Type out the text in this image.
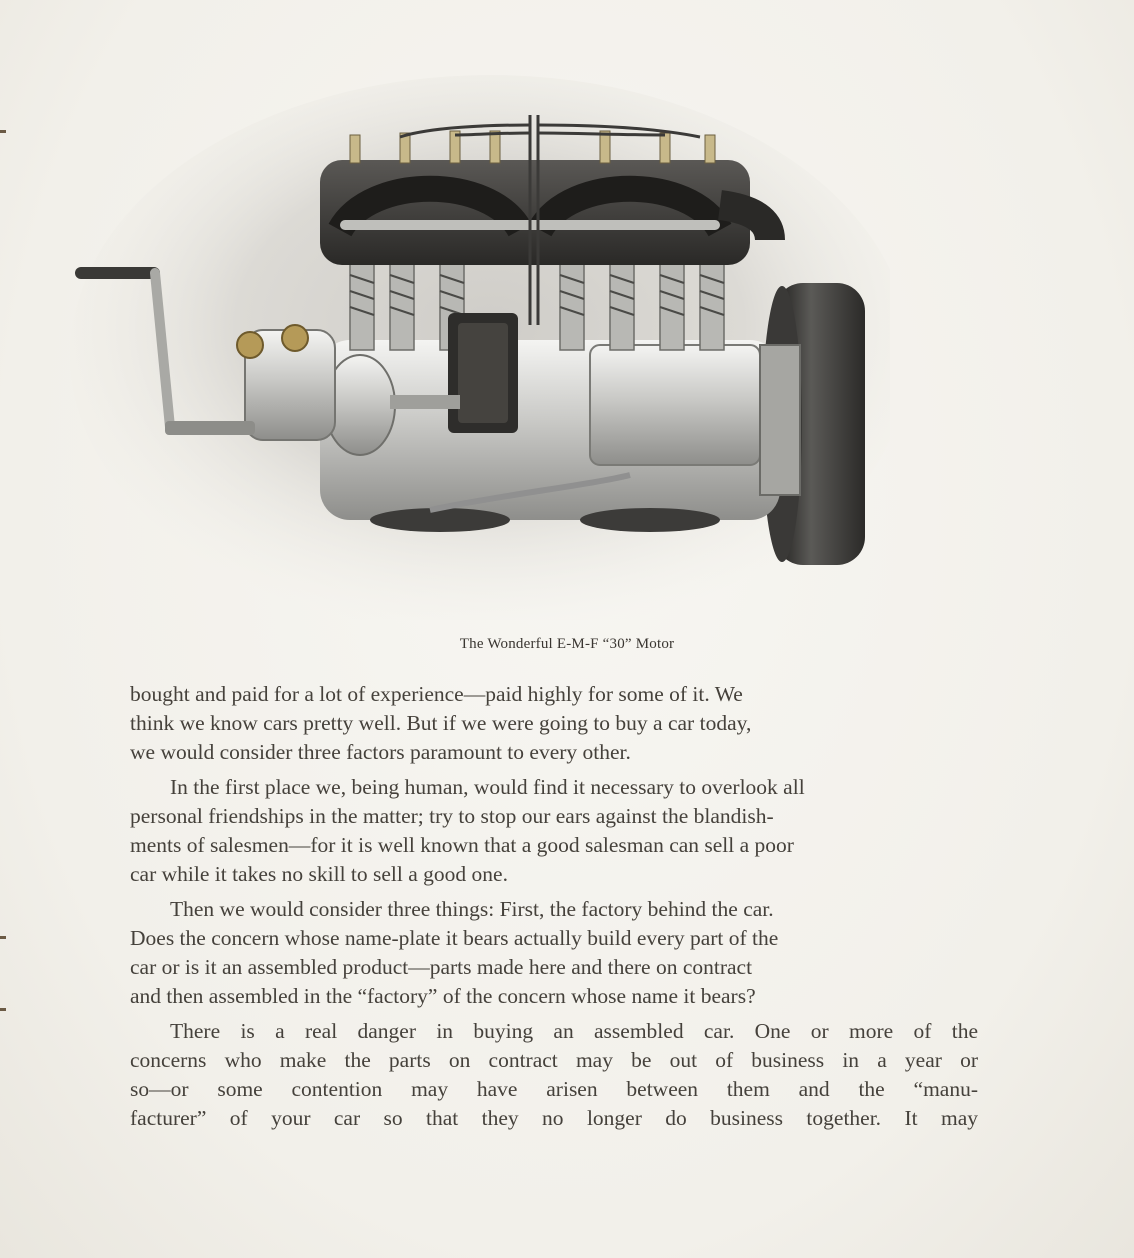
The Wonderful E-M-F “30” Motor

bought and paid for a lot of experience—paid highly for some of it. We
think we know cars pretty well. But if we were going to buy a car today,
we would consider three factors paramount to every other.

In the first place we, being human, would find it necessary to overlook all
personal friendships in the matter; try to stop our ears against the blandish-
ments of salesmen—for it is well known that a good salesman can sell a poor
car while it takes no skill to sell a good one.

Then we would consider three things: First, the factory behind the car.
Does the concern whose name-plate it bears actually build every part of the
car or is it an assembled product—parts made here and there on contract
and then assembled in the “factory” of the concern whose name it bears?

There is a real danger in buying an assembled car. One or more of the
concerns who make the parts on contract may be out of business in a year or
so—or some contention may have arisen between them and the “manu-
facturer” of your car so that they no longer do business together. It may
